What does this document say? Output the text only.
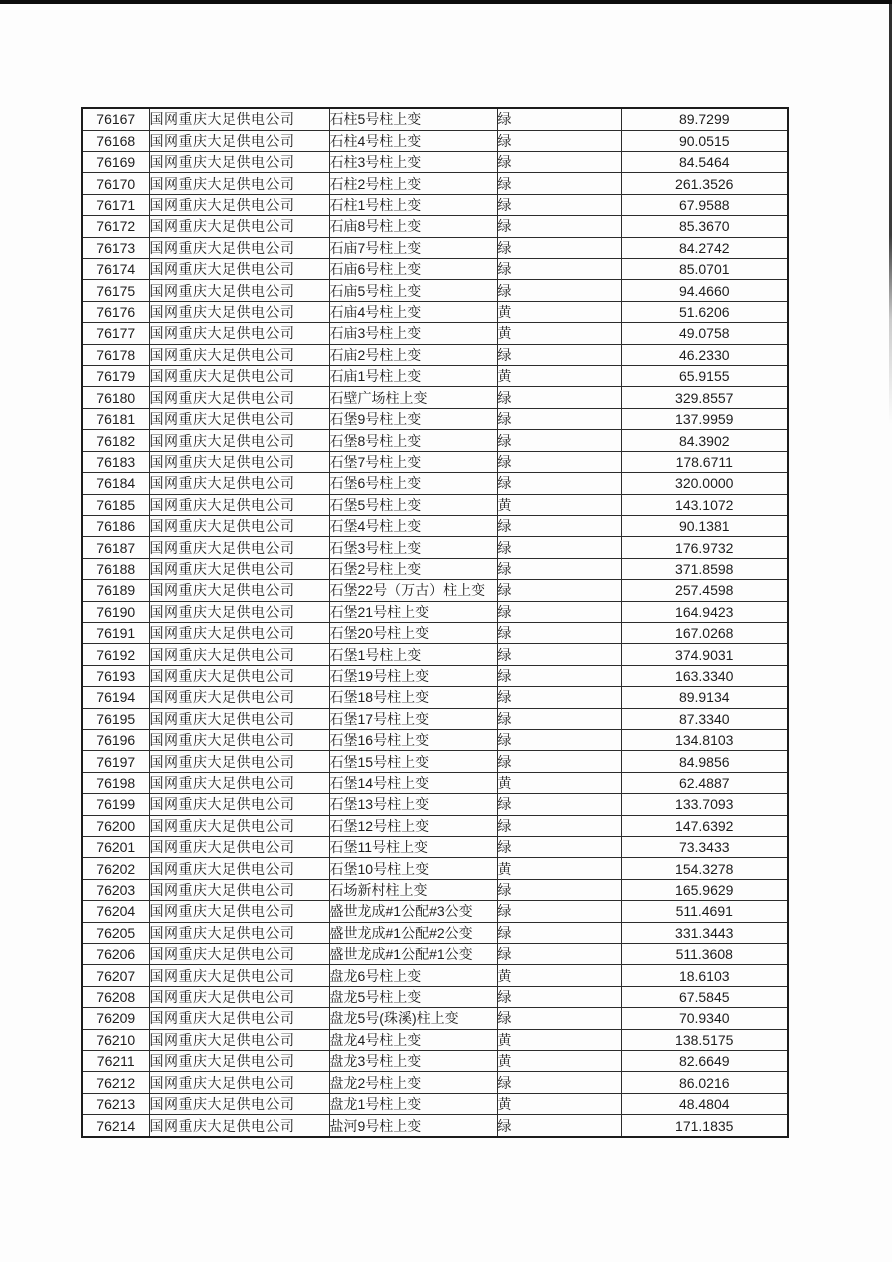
76167	国网重庆大足供电公司	石柱5号柱上变	绿	89.7299
76168	国网重庆大足供电公司	石柱4号柱上变	绿	90.0515
76169	国网重庆大足供电公司	石柱3号柱上变	绿	84.5464
76170	国网重庆大足供电公司	石柱2号柱上变	绿	261.3526
76171	国网重庆大足供电公司	石柱1号柱上变	绿	67.9588
76172	国网重庆大足供电公司	石庙8号柱上变	绿	85.3670
76173	国网重庆大足供电公司	石庙7号柱上变	绿	84.2742
76174	国网重庆大足供电公司	石庙6号柱上变	绿	85.0701
76175	国网重庆大足供电公司	石庙5号柱上变	绿	94.4660
76176	国网重庆大足供电公司	石庙4号柱上变	黄	51.6206
76177	国网重庆大足供电公司	石庙3号柱上变	黄	49.0758
76178	国网重庆大足供电公司	石庙2号柱上变	绿	46.2330
76179	国网重庆大足供电公司	石庙1号柱上变	黄	65.9155
76180	国网重庆大足供电公司	石壁广场柱上变	绿	329.8557
76181	国网重庆大足供电公司	石堡9号柱上变	绿	137.9959
76182	国网重庆大足供电公司	石堡8号柱上变	绿	84.3902
76183	国网重庆大足供电公司	石堡7号柱上变	绿	178.6711
76184	国网重庆大足供电公司	石堡6号柱上变	绿	320.0000
76185	国网重庆大足供电公司	石堡5号柱上变	黄	143.1072
76186	国网重庆大足供电公司	石堡4号柱上变	绿	90.1381
76187	国网重庆大足供电公司	石堡3号柱上变	绿	176.9732
76188	国网重庆大足供电公司	石堡2号柱上变	绿	371.8598
76189	国网重庆大足供电公司	石堡22号（万古）柱上变	绿	257.4598
76190	国网重庆大足供电公司	石堡21号柱上变	绿	164.9423
76191	国网重庆大足供电公司	石堡20号柱上变	绿	167.0268
76192	国网重庆大足供电公司	石堡1号柱上变	绿	374.9031
76193	国网重庆大足供电公司	石堡19号柱上变	绿	163.3340
76194	国网重庆大足供电公司	石堡18号柱上变	绿	89.9134
76195	国网重庆大足供电公司	石堡17号柱上变	绿	87.3340
76196	国网重庆大足供电公司	石堡16号柱上变	绿	134.8103
76197	国网重庆大足供电公司	石堡15号柱上变	绿	84.9856
76198	国网重庆大足供电公司	石堡14号柱上变	黄	62.4887
76199	国网重庆大足供电公司	石堡13号柱上变	绿	133.7093
76200	国网重庆大足供电公司	石堡12号柱上变	绿	147.6392
76201	国网重庆大足供电公司	石堡11号柱上变	绿	73.3433
76202	国网重庆大足供电公司	石堡10号柱上变	黄	154.3278
76203	国网重庆大足供电公司	石场新村柱上变	绿	165.9629
76204	国网重庆大足供电公司	盛世龙成#1公配#3公变	绿	511.4691
76205	国网重庆大足供电公司	盛世龙成#1公配#2公变	绿	331.3443
76206	国网重庆大足供电公司	盛世龙成#1公配#1公变	绿	511.3608
76207	国网重庆大足供电公司	盘龙6号柱上变	黄	18.6103
76208	国网重庆大足供电公司	盘龙5号柱上变	绿	67.5845
76209	国网重庆大足供电公司	盘龙5号(珠溪)柱上变	绿	70.9340
76210	国网重庆大足供电公司	盘龙4号柱上变	黄	138.5175
76211	国网重庆大足供电公司	盘龙3号柱上变	黄	82.6649
76212	国网重庆大足供电公司	盘龙2号柱上变	绿	86.0216
76213	国网重庆大足供电公司	盘龙1号柱上变	黄	48.4804
76214	国网重庆大足供电公司	盐河9号柱上变	绿	171.1835
